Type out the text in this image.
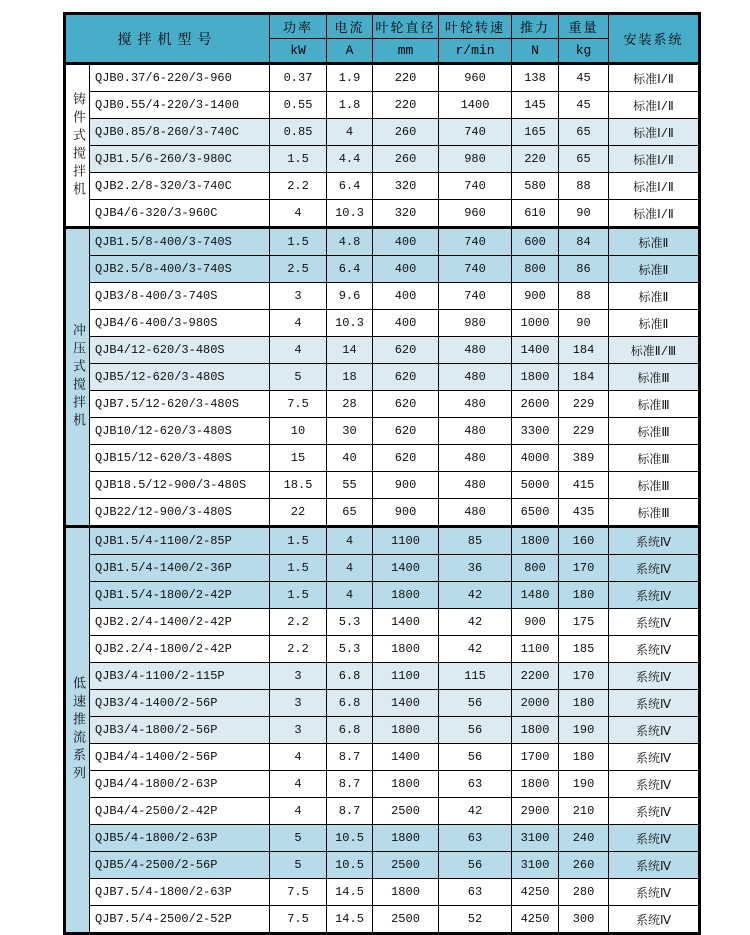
搅拌机型号		功率	电流	叶轮直径	叶轮转速	推力	重量	安装系统
		kW	A	mm	r/min	N	kg	
铸件式搅拌机	QJB0.37/6-220/3-960	0.37	1.9	220	960	138	45	标准Ⅰ/Ⅱ
	QJB0.55/4-220/3-1400	0.55	1.8	220	1400	145	45	标准Ⅰ/Ⅱ
	QJB0.85/8-260/3-740C	0.85	4	260	740	165	65	标准Ⅰ/Ⅱ
	QJB1.5/6-260/3-980C	1.5	4.4	260	980	220	65	标准Ⅰ/Ⅱ
	QJB2.2/8-320/3-740C	2.2	6.4	320	740	580	88	标准Ⅰ/Ⅱ
	QJB4/6-320/3-960C	4	10.3	320	960	610	90	标准Ⅰ/Ⅱ
冲压式搅拌机	QJB1.5/8-400/3-740S	1.5	4.8	400	740	600	84	标准Ⅱ
	QJB2.5/8-400/3-740S	2.5	6.4	400	740	800	86	标准Ⅱ
	QJB3/8-400/3-740S	3	9.6	400	740	900	88	标准Ⅱ
	QJB4/6-400/3-980S	4	10.3	400	980	1000	90	标准Ⅱ
	QJB4/12-620/3-480S	4	14	620	480	1400	184	标准Ⅱ/Ⅲ
	QJB5/12-620/3-480S	5	18	620	480	1800	184	标准Ⅲ
	QJB7.5/12-620/3-480S	7.5	28	620	480	2600	229	标准Ⅲ
	QJB10/12-620/3-480S	10	30	620	480	3300	229	标准Ⅲ
	QJB15/12-620/3-480S	15	40	620	480	4000	389	标准Ⅲ
	QJB18.5/12-900/3-480S	18.5	55	900	480	5000	415	标准Ⅲ
	QJB22/12-900/3-480S	22	65	900	480	6500	435	标准Ⅲ
低速推流系列	QJB1.5/4-1100/2-85P	1.5	4	1100	85	1800	160	系统Ⅳ
	QJB1.5/4-1400/2-36P	1.5	4	1400	36	800	170	系统Ⅳ
	QJB1.5/4-1800/2-42P	1.5	4	1800	42	1480	180	系统Ⅳ
	QJB2.2/4-1400/2-42P	2.2	5.3	1400	42	900	175	系统Ⅳ
	QJB2.2/4-1800/2-42P	2.2	5.3	1800	42	1100	185	系统Ⅳ
	QJB3/4-1100/2-115P	3	6.8	1100	115	2200	170	系统Ⅳ
	QJB3/4-1400/2-56P	3	6.8	1400	56	2000	180	系统Ⅳ
	QJB3/4-1800/2-56P	3	6.8	1800	56	1800	190	系统Ⅳ
	QJB4/4-1400/2-56P	4	8.7	1400	56	1700	180	系统Ⅳ
	QJB4/4-1800/2-63P	4	8.7	1800	63	1800	190	系统Ⅳ
	QJB4/4-2500/2-42P	4	8.7	2500	42	2900	210	系统Ⅳ
	QJB5/4-1800/2-63P	5	10.5	1800	63	3100	240	系统Ⅳ
	QJB5/4-2500/2-56P	5	10.5	2500	56	3100	260	系统Ⅳ
	QJB7.5/4-1800/2-63P	7.5	14.5	1800	63	4250	280	系统Ⅳ
	QJB7.5/4-2500/2-52P	7.5	14.5	2500	52	4250	300	系统Ⅳ
